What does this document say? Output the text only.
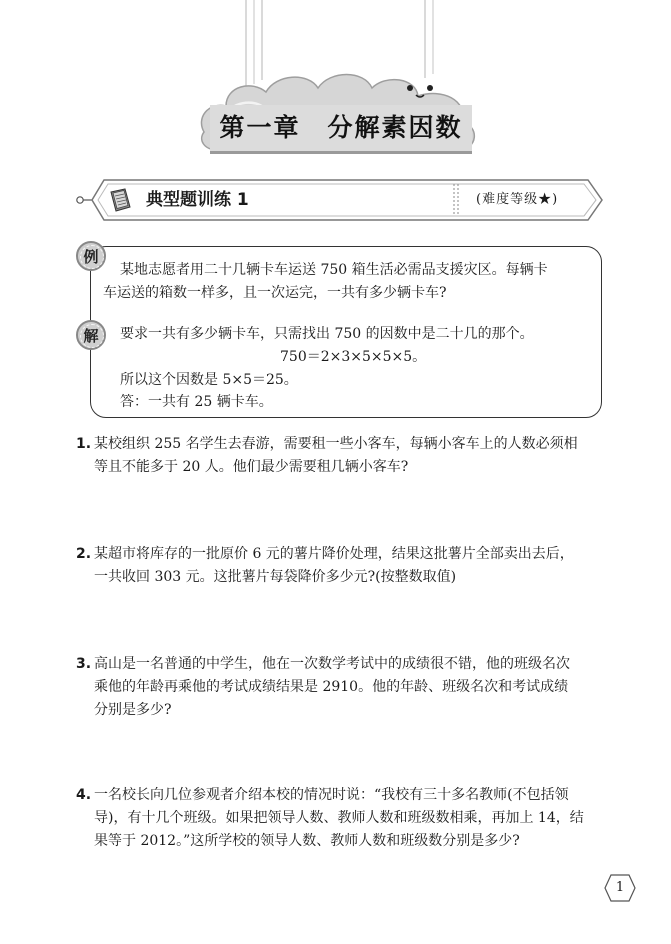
第一章　分解素因数
典型题训练 1	(难度等级★)
例
某地志愿者用二十几辆卡车运送 750 箱生活必需品支援灾区。每辆卡
车运送的箱数一样多，且一次运完，一共有多少辆卡车?
解	要求一共有多少辆卡车，只需找出 750 的因数中是二十几的那个。
750＝2×3×5×5×5。
所以这个因数是 5×5＝25。
答：一共有 25 辆卡车。
1. 某校组织 255 名学生去春游，需要租一些小客车，每辆小客车上的人数必须相
等且不能多于 20 人。他们最少需要租几辆小客车?
2. 某超市将库存的一批原价 6 元的薯片降价处理，结果这批薯片全部卖出去后，
一共收回 303 元。这批薯片每袋降价多少元?(按整数取值)
3. 高山是一名普通的中学生，他在一次数学考试中的成绩很不错，他的班级名次
乘他的年龄再乘他的考试成绩结果是 2910。他的年龄、班级名次和考试成绩
分别是多少?
4. 一名校长向几位参观者介绍本校的情况时说：“我校有三十多名教师(不包括领
导)，有十几个班级。如果把领导人数、教师人数和班级数相乘，再加上 14，结
果等于 2012。”这所学校的领导人数、教师人数和班级数分别是多少?
1
